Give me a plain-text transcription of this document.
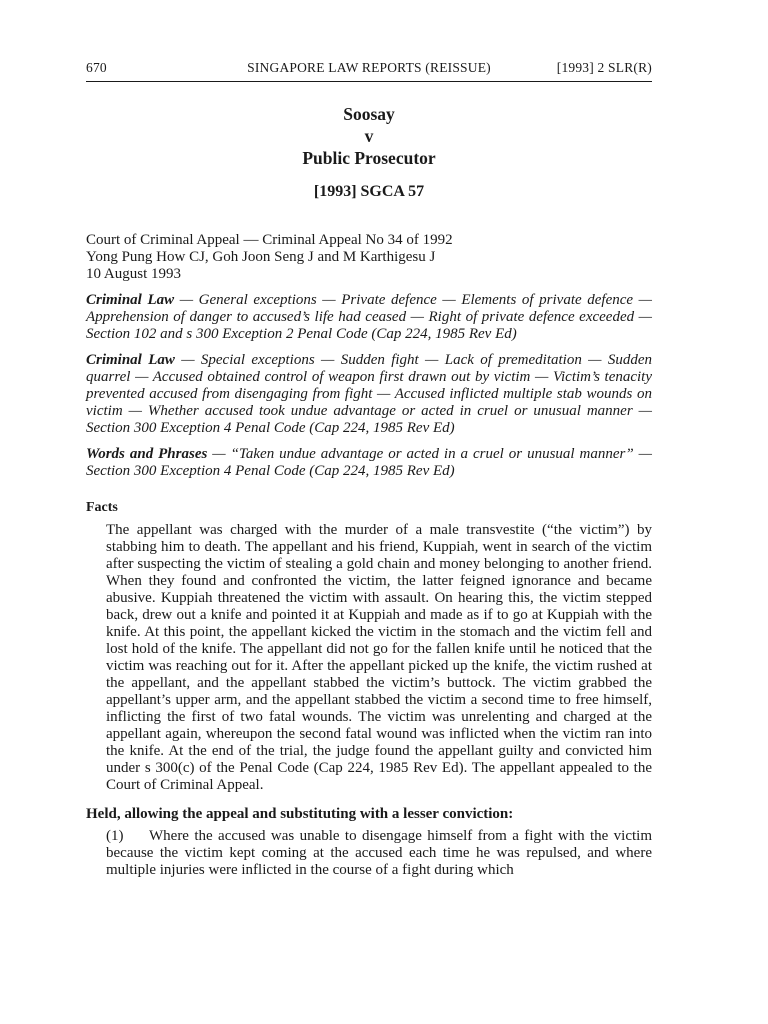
670	SINGAPORE LAW REPORTS (REISSUE)	[1993] 2 SLR(R)
Soosay
v
Public Prosecutor
[1993] SGCA 57
Court of Criminal Appeal — Criminal Appeal No 34 of 1992
Yong Pung How CJ, Goh Joon Seng J and M Karthigesu J
10 August 1993
Criminal Law — General exceptions — Private defence — Elements of private defence — Apprehension of danger to accused’s life had ceased — Right of private defence exceeded — Section 102 and s 300 Exception 2 Penal Code (Cap 224, 1985 Rev Ed)
Criminal Law — Special exceptions — Sudden fight — Lack of premeditation — Sudden quarrel — Accused obtained control of weapon first drawn out by victim — Victim’s tenacity prevented accused from disengaging from fight — Accused inflicted multiple stab wounds on victim — Whether accused took undue advantage or acted in cruel or unusual manner — Section 300 Exception 4 Penal Code (Cap 224, 1985 Rev Ed)
Words and Phrases — “Taken undue advantage or acted in a cruel or unusual manner” — Section 300 Exception 4 Penal Code (Cap 224, 1985 Rev Ed)
Facts
The appellant was charged with the murder of a male transvestite (“the victim”) by stabbing him to death. The appellant and his friend, Kuppiah, went in search of the victim after suspecting the victim of stealing a gold chain and money belonging to another friend. When they found and confronted the victim, the latter feigned ignorance and became abusive. Kuppiah threatened the victim with assault. On hearing this, the victim stepped back, drew out a knife and pointed it at Kuppiah and made as if to go at Kuppiah with the knife. At this point, the appellant kicked the victim in the stomach and the victim fell and lost hold of the knife. The appellant did not go for the fallen knife until he noticed that the victim was reaching out for it. After the appellant picked up the knife, the victim rushed at the appellant, and the appellant stabbed the victim’s buttock. The victim grabbed the appellant’s upper arm, and the appellant stabbed the victim a second time to free himself, inflicting the first of two fatal wounds. The victim was unrelenting and charged at the appellant again, whereupon the second fatal wound was inflicted when the victim ran into the knife. At the end of the trial, the judge found the appellant guilty and convicted him under s 300(c) of the Penal Code (Cap 224, 1985 Rev Ed). The appellant appealed to the Court of Criminal Appeal.
Held, allowing the appeal and substituting with a lesser conviction:
(1) Where the accused was unable to disengage himself from a fight with the victim because the victim kept coming at the accused each time he was repulsed, and where multiple injuries were inflicted in the course of a fight during which
